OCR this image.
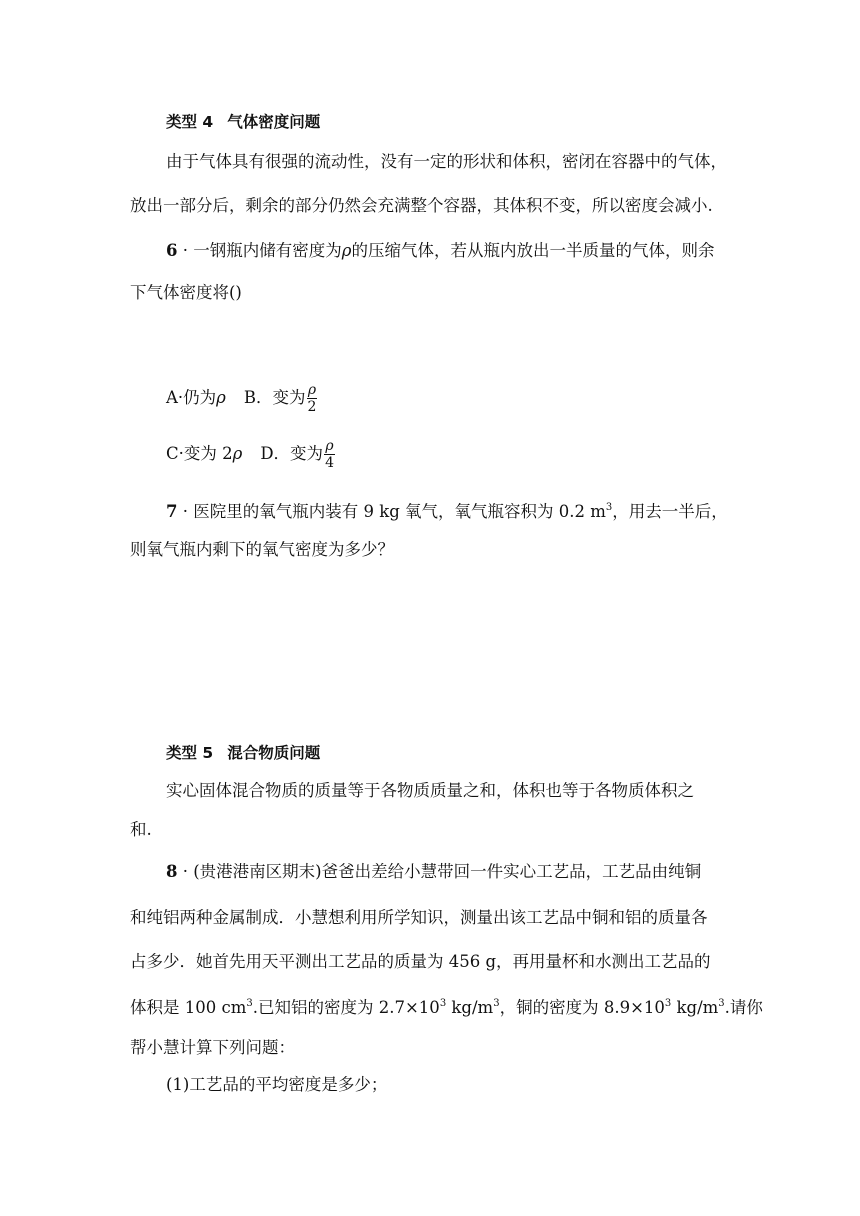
类型 4 气体密度问题
由于气体具有很强的流动性，没有一定的形状和体积，密闭在容器中的气体，
放出一部分后，剩余的部分仍然会充满整个容器，其体积不变，所以密度会减小.
6 · 一钢瓶内储有密度为ρ的压缩气体，若从瓶内放出一半质量的气体，则余
下气体密度将()
A·仍为ρ B．变为 $\frac{\rho}{2}$
C·变为 2ρ D．变为 $\frac{\rho}{4}$
7 · 医院里的氧气瓶内装有 9 kg 氧气，氧气瓶容积为 0.2 $m^3$，用去一半后，
则氧气瓶内剩下的氧气密度为多少？
类型 5 混合物质问题
实心固体混合物质的质量等于各物质质量之和，体积也等于各物质体积之
和.
8 · (贵港港南区期末)爸爸出差给小慧带回一件实心工艺品，工艺品由纯铜
和纯铝两种金属制成．小慧想利用所学知识，测量出该工艺品中铜和铝的质量各
占多少．她首先用天平测出工艺品的质量为 456 g，再用量杯和水测出工艺品的
体积是 100 $cm^3$.已知铝的密度为 $2.7\times 10^3$ $kg/m^3$，铜的密度为 $8.9\times 10^3$ $kg/m^3$.请你
帮小慧计算下列问题：
(1)工艺品的平均密度是多少；
